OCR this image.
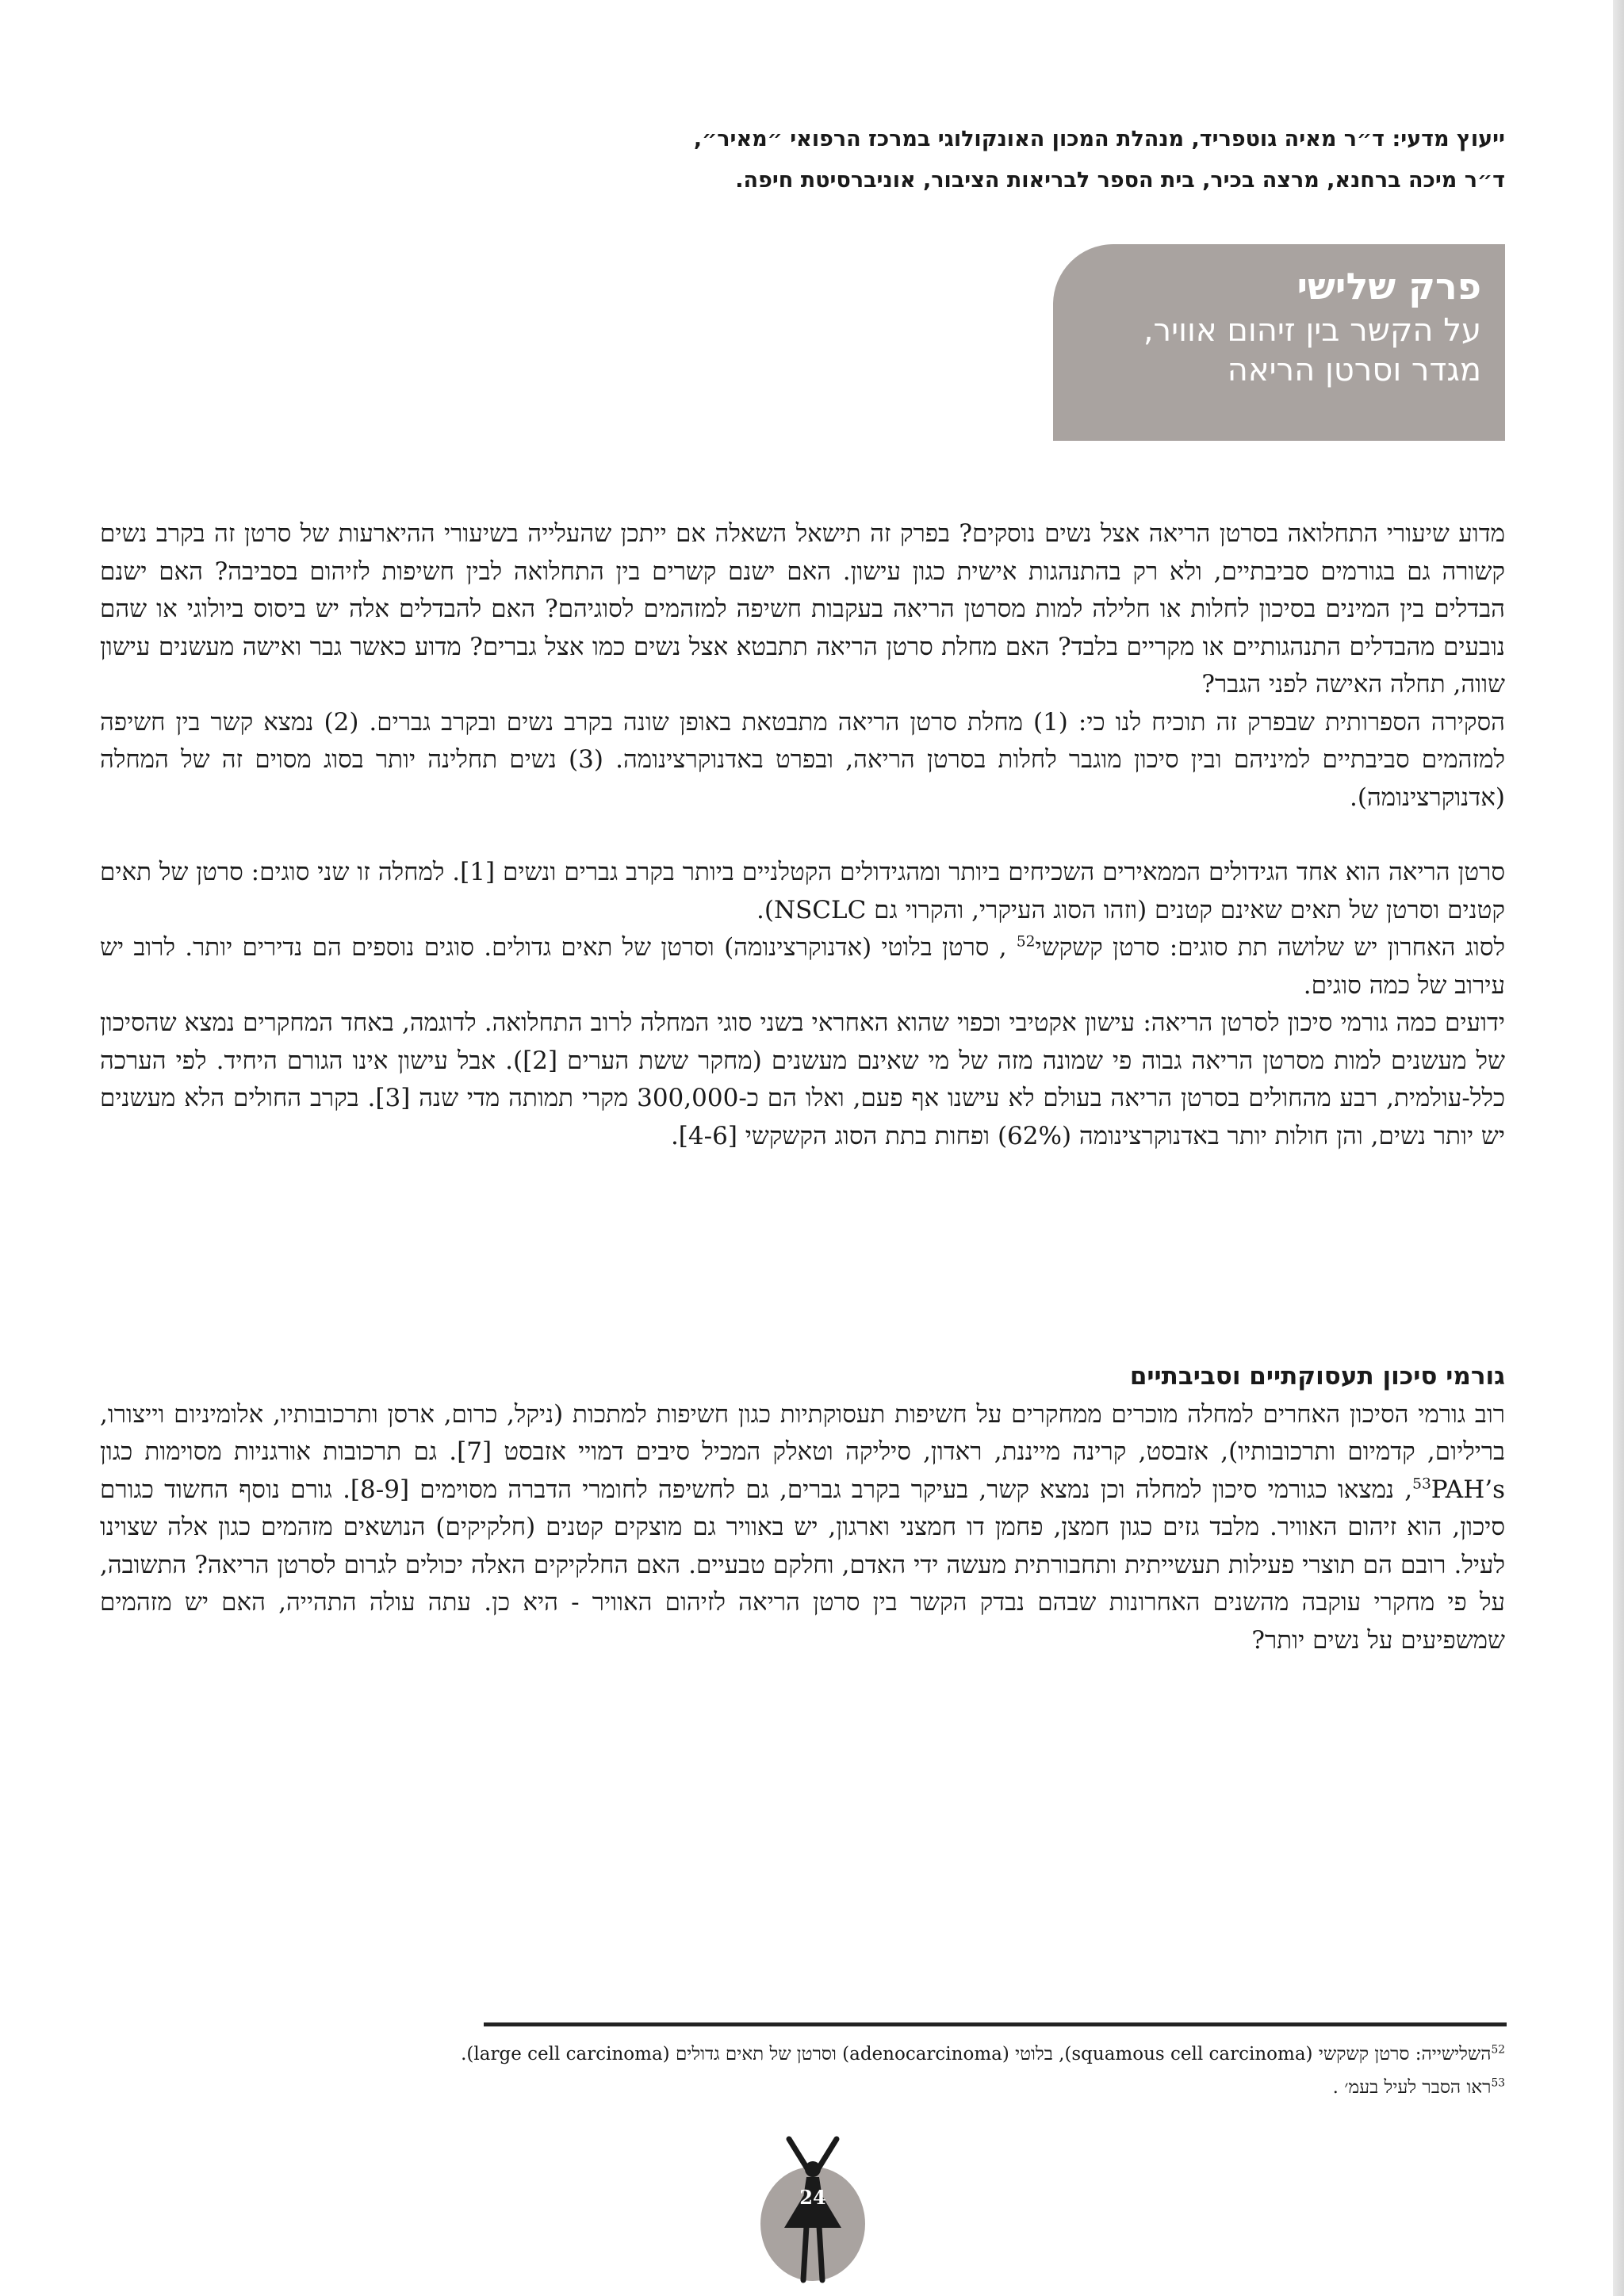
ייעוץ מדעי: ד״ר מאיה גוטפריד, מנהלת המכון האונקולוגי במרכז הרפואי ״מאיר״,

ד״ר מיכה ברחנא, מרצה בכיר, בית הספר לבריאות הציבור, אוניברסיטת חיפה.

פרק שלישי
על הקשר בין זיהום אוויר,
מגדר וסרטן הריאה

מדוע שיעורי התחלואה בסרטן הריאה אצל נשים נוסקים? בפרק זה תישאל השאלה אם ייתכן שהעלייה בשיעורי ההיארעות של סרטן זה בקרב נשים קשורה גם בגורמים סביבתיים, ולא רק בהתנהגות אישית כגון עישון. האם ישנם קשרים בין התחלואה לבין חשיפות לזיהום בסביבה? האם ישנם הבדלים בין המינים בסיכון לחלות או חלילה למות מסרטן הריאה בעקבות חשיפה למזהמים לסוגיהם? האם להבדלים אלה יש ביסוס ביולוגי או שהם נובעים מהבדלים התנהגותיים או מקריים בלבד? האם מחלת סרטן הריאה תתבטא אצל נשים כמו אצל גברים? מדוע כאשר גבר ואישה מעשנים עישון שווה, תחלה האישה לפני הגבר?

הסקירה הספרותית שבפרק זה תוכיח לנו כי: (1) מחלת סרטן הריאה מתבטאת באופן שונה בקרב נשים ובקרב גברים. (2) נמצא קשר בין חשיפה למזהמים סביבתיים למיניהם ובין סיכון מוגבר לחלות בסרטן הריאה, ובפרט באדנוקרצינומה. (3) נשים תחלינה יותר בסוג מסוים זה של המחלה (אדנוקרצינומה).

סרטן הריאה הוא אחד הגידולים הממאירים השכיחים ביותר ומהגידולים הקטלניים ביותר בקרב גברים ונשים [1]. למחלה זו שני סוגים: סרטן של תאים קטנים וסרטן של תאים שאינם קטנים (וזהו הסוג העיקרי, והקרוי גם NSCLC).

לסוג האחרון יש שלושה תת סוגים: סרטן קשקשי$^{52}$ , סרטן בלוטי (אדנוקרצינומה) וסרטן של תאים גדולים. סוגים נוספים הם נדירים יותר. לרוב יש עירוב של כמה סוגים.

ידועים כמה גורמי סיכון לסרטן הריאה: עישון אקטיבי וכפוי שהוא האחראי בשני סוגי המחלה לרוב התחלואה. לדוגמה, באחד המחקרים נמצא שהסיכון של מעשנים למות מסרטן הריאה גבוה פי שמונה מזה של מי שאינם מעשנים (מחקר ששת הערים [2]). אבל עישון אינו הגורם היחיד. לפי הערכה כלל-עולמית, רבע מהחולים בסרטן הריאה בעולם לא עישנו אף פעם, ואלו הם כ-300,000 מקרי תמותה מדי שנה [3]. בקרב החולים הלא מעשנים יש יותר נשים, והן חולות יותר באדנוקרצינומה (62%) ופחות בתת הסוג הקשקשי [4-6].

גורמי סיכון תעסוקתיים וסביבתיים

רוב גורמי הסיכון האחרים למחלה מוכרים ממחקרים על חשיפות תעסוקתיות כגון חשיפות למתכות (ניקל, כרום, ארסן ותרכובותיו, אלומיניום וייצורו, בריליום, קדמיום ותרכובותיו), אזבסט, קרינה מייננת, ראדון, סיליקה וטאלק המכיל סיבים דמויי אזבסט [7]. גם תרכובות אורגניות מסוימות כגון $^{53}$PAH’s, נמצאו כגורמי סיכון למחלה וכן נמצא קשר, בעיקר בקרב גברים, גם לחשיפה לחומרי הדברה מסוימים [8-9]. גורם נוסף החשוד כגורם סיכון, הוא זיהום האוויר. מלבד גזים כגון חמצן, פחמן דו חמצני וארגון, יש באוויר גם מוצקים קטנים (חלקיקים) הנושאים מזהמים כגון אלה שצוינו לעיל. רובם הם תוצרי פעילות תעשייתית ותחבורתית מעשה ידי האדם, וחלקם טבעיים. האם החלקיקים האלה יכולים לגרום לסרטן הריאה? התשובה, על פי מחקרי עוקבה מהשנים האחרונות שבהם נבדק הקשר בין סרטן הריאה לזיהום האוויר - היא כן. עתה עולה התהייה, האם יש מזהמים שמשפיעים על נשים יותר?

$^{52}$השלישייה: סרטן קשקשי (squamous cell carcinoma), בלוטי (adenocarcinoma) וסרטן של תאים גדולים (large cell carcinoma).

$^{53}$ראו הסבר לעיל בעמ׳ .

24
